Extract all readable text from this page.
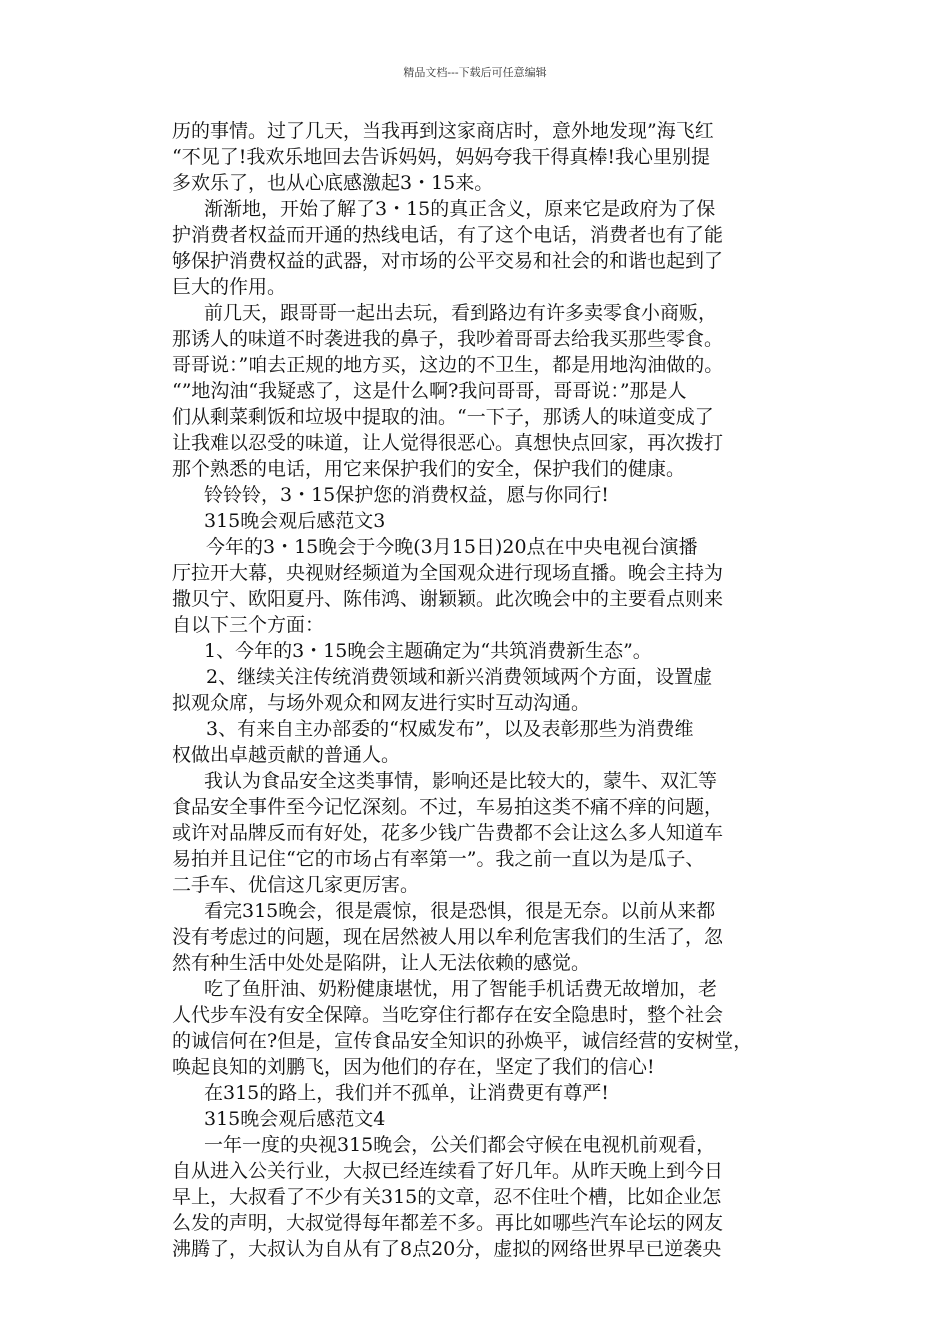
精品文档---下载后可任意编辑
历的事情。过了几天，当我再到这家商店时，意外地发现”海飞红
“不见了!我欢乐地回去告诉妈妈，妈妈夸我干得真棒!我心里别提
多欢乐了，也从心底感激起3・15来。
渐渐地，开始了解了3・15的真正含义，原来它是政府为了保
护消费者权益而开通的热线电话，有了这个电话，消费者也有了能
够保护消费权益的武器，对市场的公平交易和社会的和谐也起到了
巨大的作用。
前几天，跟哥哥一起出去玩，看到路边有许多卖零食小商贩，
那诱人的味道不时袭进我的鼻子，我吵着哥哥去给我买那些零食。
哥哥说：”咱去正规的地方买，这边的不卫生，都是用地沟油做的。
“”地沟油“我疑惑了，这是什么啊?我问哥哥，哥哥说：”那是人
们从剩菜剩饭和垃圾中提取的油。“一下子，那诱人的味道变成了
让我难以忍受的味道，让人觉得很恶心。真想快点回家，再次拨打
那个熟悉的电话，用它来保护我们的安全，保护我们的健康。
铃铃铃，3・15保护您的消费权益，愿与你同行!
315晚会观后感范文3
今年的3・15晚会于今晚(3月15日)20点在中央电视台演播
厅拉开大幕，央视财经频道为全国观众进行现场直播。晚会主持为
撒贝宁、欧阳夏丹、陈伟鸿、谢颖颖。此次晚会中的主要看点则来
自以下三个方面：
1、今年的3・15晚会主题确定为“共筑消费新生态”。
2、继续关注传统消费领域和新兴消费领域两个方面，设置虚
拟观众席，与场外观众和网友进行实时互动沟通。
3、有来自主办部委的“权威发布”，以及表彰那些为消费维
权做出卓越贡献的普通人。
我认为食品安全这类事情，影响还是比较大的，蒙牛、双汇等
食品安全事件至今记忆深刻。不过，车易拍这类不痛不痒的问题，
或许对品牌反而有好处，花多少钱广告费都不会让这么多人知道车
易拍并且记住“它的市场占有率第一”。我之前一直以为是瓜子、
二手车、优信这几家更厉害。
看完315晚会，很是震惊，很是恐惧，很是无奈。以前从来都
没有考虑过的问题，现在居然被人用以牟利危害我们的生活了，忽
然有种生活中处处是陷阱，让人无法依赖的感觉。
吃了鱼肝油、奶粉健康堪忧，用了智能手机话费无故增加，老
人代步车没有安全保障。当吃穿住行都存在安全隐患时，整个社会
的诚信何在?但是，宣传食品安全知识的孙焕平，诚信经营的安树堂，
唤起良知的刘鹏飞，因为他们的存在，坚定了我们的信心!
在315的路上，我们并不孤单，让消费更有尊严!
315晚会观后感范文4
一年一度的央视315晚会，公关们都会守候在电视机前观看，
自从进入公关行业，大叔已经连续看了好几年。从昨天晚上到今日
早上，大叔看了不少有关315的文章，忍不住吐个槽，比如企业怎
么发的声明，大叔觉得每年都差不多。再比如哪些汽车论坛的网友
沸腾了，大叔认为自从有了8点20分，虚拟的网络世界早已逆袭央
